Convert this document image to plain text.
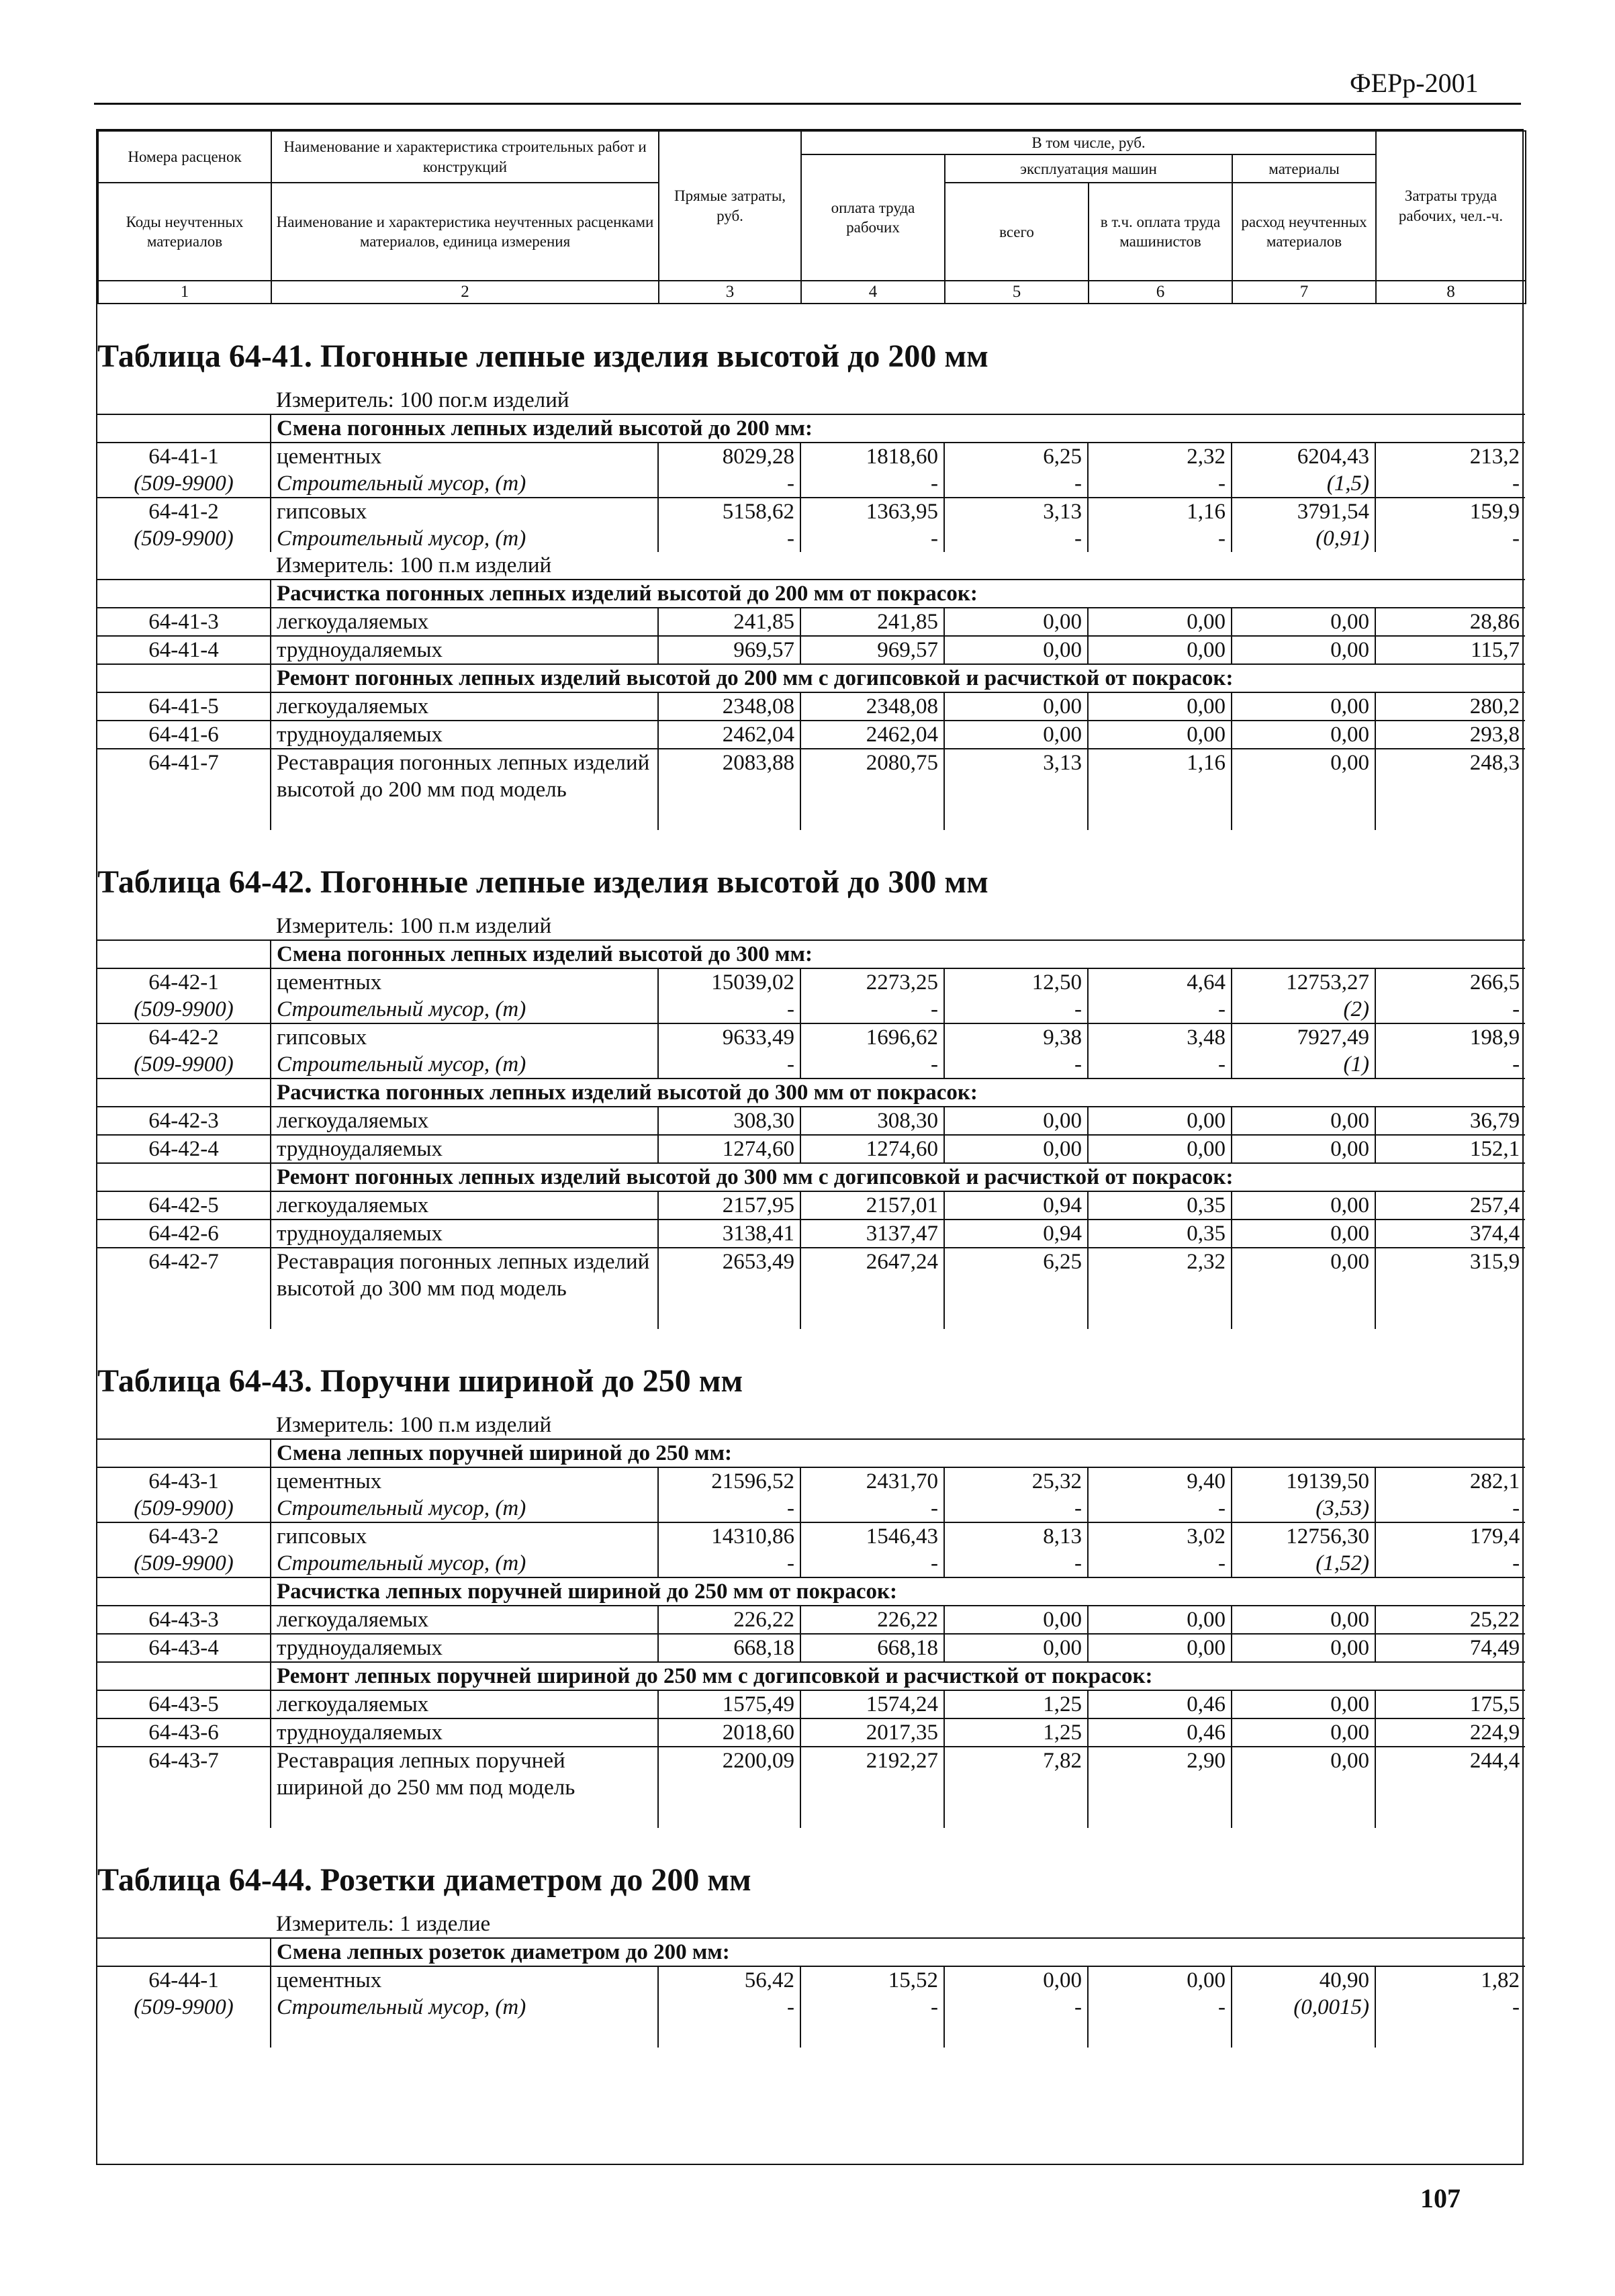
ФЕРр-2001
Номера расценок	Наименование и характеристика строительных работ и конструкций	Прямые затраты, руб.	В том числе, руб.				Затраты труда рабочих, чел.-ч.
			оплата труда рабочих	эксплуатация машин		материалы	
Коды неучтенных материалов	Наименование и характеристика неучтенных расценками материалов, единица измерения			всего	в т.ч. оплата труда машинистов	расход неучтенных материалов	

1	2	3	4	5	6	7	8
Таблица 64-41. Погонные лепные изделия высотой до 200 мм
	Измеритель: 100 пог.м изделий						
	Смена погонных лепных изделий высотой до 200 мм:						
64-41-1	цементных	8029,28	1818,60	6,25	2,32	6204,43	213,2
(509-9900)	Строительный мусор, (т)	-	-	-	-	(1,5)	-
64-41-2	гипсовых	5158,62	1363,95	3,13	1,16	3791,54	159,9
(509-9900)	Строительный мусор, (т)	-	-	-	-	(0,91)	-
	Измеритель: 100 п.м изделий						
	Расчистка погонных лепных изделий высотой до 200 мм от покрасок:						
64-41-3	легкоудаляемых	241,85	241,85	0,00	0,00	0,00	28,86
64-41-4	трудноудаляемых	969,57	969,57	0,00	0,00	0,00	115,7
	Ремонт погонных лепных изделий высотой до 200 мм с догипсовкой и расчисткой от покрасок:						
64-41-5	легкоудаляемых	2348,08	2348,08	0,00	0,00	0,00	280,2
64-41-6	трудноудаляемых	2462,04	2462,04	0,00	0,00	0,00	293,8
64-41-7	Реставрация погонных лепных изделий высотой до 200 мм под модель	2083,88	2080,75	3,13	1,16	0,00	248,3

Таблица 64-42. Погонные лепные изделия высотой до 300 мм
	Измеритель: 100 п.м изделий						
	Смена погонных лепных изделий высотой до 300 мм:						
64-42-1	цементных	15039,02	2273,25	12,50	4,64	12753,27	266,5
(509-9900)	Строительный мусор, (т)	-	-	-	-	(2)	-
64-42-2	гипсовых	9633,49	1696,62	9,38	3,48	7927,49	198,9
(509-9900)	Строительный мусор, (т)	-	-	-	-	(1)	-
	Расчистка погонных лепных изделий высотой до 300 мм от покрасок:						
64-42-3	легкоудаляемых	308,30	308,30	0,00	0,00	0,00	36,79
64-42-4	трудноудаляемых	1274,60	1274,60	0,00	0,00	0,00	152,1
	Ремонт погонных лепных изделий высотой до 300 мм с догипсовкой и расчисткой от покрасок:						
64-42-5	легкоудаляемых	2157,95	2157,01	0,94	0,35	0,00	257,4
64-42-6	трудноудаляемых	3138,41	3137,47	0,94	0,35	0,00	374,4
64-42-7	Реставрация погонных лепных изделий высотой до 300 мм под модель	2653,49	2647,24	6,25	2,32	0,00	315,9

Таблица 64-43. Поручни шириной до 250 мм
	Измеритель: 100 п.м изделий						
	Смена лепных поручней шириной до 250 мм:						
64-43-1	цементных	21596,52	2431,70	25,32	9,40	19139,50	282,1
(509-9900)	Строительный мусор, (т)	-	-	-	-	(3,53)	-
64-43-2	гипсовых	14310,86	1546,43	8,13	3,02	12756,30	179,4
(509-9900)	Строительный мусор, (т)	-	-	-	-	(1,52)	-
	Расчистка лепных поручней шириной до 250 мм от покрасок:						
64-43-3	легкоудаляемых	226,22	226,22	0,00	0,00	0,00	25,22
64-43-4	трудноудаляемых	668,18	668,18	0,00	0,00	0,00	74,49
	Ремонт лепных поручней шириной до 250 мм с догипсовкой и расчисткой от покрасок:						
64-43-5	легкоудаляемых	1575,49	1574,24	1,25	0,46	0,00	175,5
64-43-6	трудноудаляемых	2018,60	2017,35	1,25	0,46	0,00	224,9
64-43-7	Реставрация лепных поручней шириной до 250 мм под модель	2200,09	2192,27	7,82	2,90	0,00	244,4

Таблица 64-44. Розетки диаметром до 200 мм
	Измеритель: 1 изделие						
	Смена лепных розеток диаметром до 200 мм:						
64-44-1	цементных	56,42	15,52	0,00	0,00	40,90	1,82
(509-9900)	Строительный мусор, (т)	-	-	-	-	(0,0015)	-

107
